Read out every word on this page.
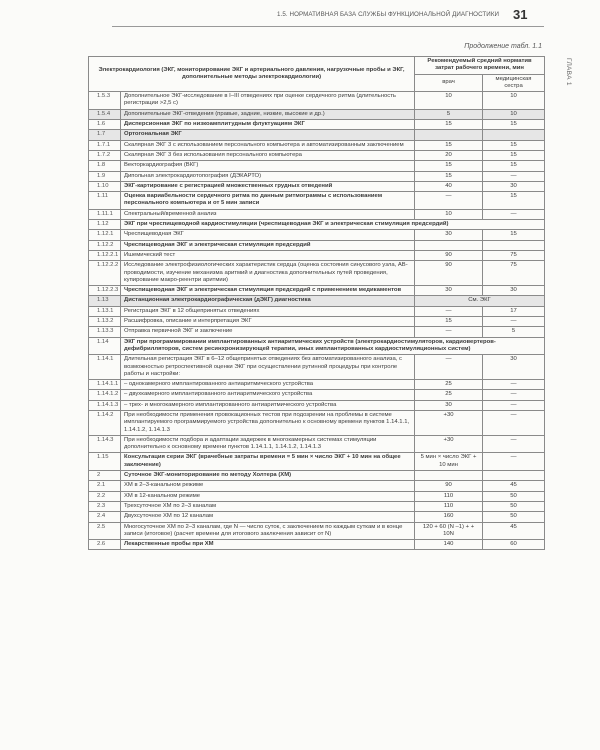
1.5. НОРМАТИВНАЯ БАЗА СЛУЖБЫ ФУНКЦИОНАЛЬНОЙ ДИАГНОСТИКИ 31
Продолжение табл. 1.1
ГЛАВА 1
Электрокардиология (ЭКГ, мониторирование ЭКГ и артериального давления, нагрузочные пробы и ЭКГ, дополнительные методы электрокардиологии)		Рекомендуемый средний норматив затрат рабочего времени, мин	
		врач	медицинская сестра
1.5.3	Дополнительное ЭКГ-исследование в I–III отведениях при оценке сердечного ритма (длительность регистрации >2,5 с)	10	10
1.5.4	Дополнительные ЭКГ-отведения (правые, задние, низкие, высокие и др.)	5	10
1.6	Дисперсионная ЭКГ по низкоамплитудным флуктуациям ЭКГ	15	15
1.7	Ортогональная ЭКГ		
1.7.1	Скалярная ЭКГ 3 с использованием персонального компьютера и автоматизированным заключением	15	15
1.7.2	Скалярная ЭКГ 3 без использования персонального компьютера	20	15
1.8	Векторкардиография (ВКГ)	15	15
1.9	Дипольная электрокардиотопография (ДЭКАРТО)	15	—
1.10	ЭКГ-картирование с регистрацией множественных грудных отведений	40	30
1.11	Оценка вариабельности сердечного ритма по данным ритмограммы с использованием персонального компьютера и от 5 мин записи	—	15
1.11.1	Спектральный/временной анализ	10	—
1.12	ЭКГ при чреспищеводной кардиостимуляции (чреспищеводная ЭКГ и электрическая стимуляция предсердий)		
1.12.1	Чреспищеводная ЭКГ	30	15
1.12.2	Чреспищеводная ЭКГ и электрическая стимуляция предсердий		
1.12.2.1	Ишемический тест	90	75
1.12.2.2	Исследование электрофизиологических характеристик сердца (оценка состояния синусового узла, АВ-проводимости, изучение механизма аритмий и диагностика дополнительных путей проведения, купирование макро-реентри аритмии)	90	75
1.12.2.3	Чреспищеводная ЭКГ и электрическая стимуляция предсердий с применением медикаментов	30	30
1.13	Дистанционная электрокардиографическая (дЭКГ) диагностика	См. ЭКГ	
1.13.1	Регистрация ЭКГ в 12 общепринятых отведениях	—	17
1.13.2	Расшифровка, описание и интерпретация ЭКГ	15	—
1.13.3	Отправка первичной ЭКГ и заключение	—	5
1.14	ЭКГ при программировании имплантированных антиаритмических устройств (электрокардиостимуляторов, кардиовертеров-дефибрилляторов, систем ресинхронизирующей терапии, иных имплантированных кардиостимуляционных систем)		
1.14.1	Длительная регистрация ЭКГ в 6–12 общепринятых отведениях без автоматизированного анализа, с возможностью ретроспективной оценки ЭКГ при осуществлении рутинной процедуры при контроле работы и настройки:	—	30
1.14.1.1	– однокамерного имплантированного антиаритмического устройства	25	—
1.14.1.2	– двухкамерного имплантированного антиаритмического устройства	25	—
1.14.1.3	– трех- и многокамерного имплантированного антиаритмического устройства	30	—
1.14.2	При необходимости применения провокационных тестов при подозрении на проблемы в системе имплантируемого программируемого устройства дополнительно к основному времени пунктов 1.14.1.1, 1.14.1.2, 1.14.1.3	+30	—
1.14.3	При необходимости подбора и адаптации задержек в многокамерных системах стимуляции дополнительно к основному времени пунктов 1.14.1.1, 1.14.1.2, 1.14.1.3	+30	—
1.15	Консультация серии ЭКГ (врачебные затраты времени = 5 мин × число ЭКГ + 10 мин на общее заключение)	5 мин × число ЭКГ + 10 мин	—
2	Суточное ЭКГ-мониторирование по методу Холтера (ХМ)		
2.1	ХМ в 2–3-канальном режиме	90	45
2.2	ХМ в 12-канальном режиме	110	50
2.3	Трехсуточное ХМ по 2–3 каналам	110	50
2.4	Двухсуточное ХМ по 12 каналам	160	50
2.5	Многосуточное ХМ по 2–3 каналам, где N — число суток, с заключением по каждым суткам и в конце записи (итоговое) (расчет времени для итогового заключения зависит от N)	120 + 60 (N –1) + + 10N	45
2.6	Лекарственные пробы при ХМ	140	60
